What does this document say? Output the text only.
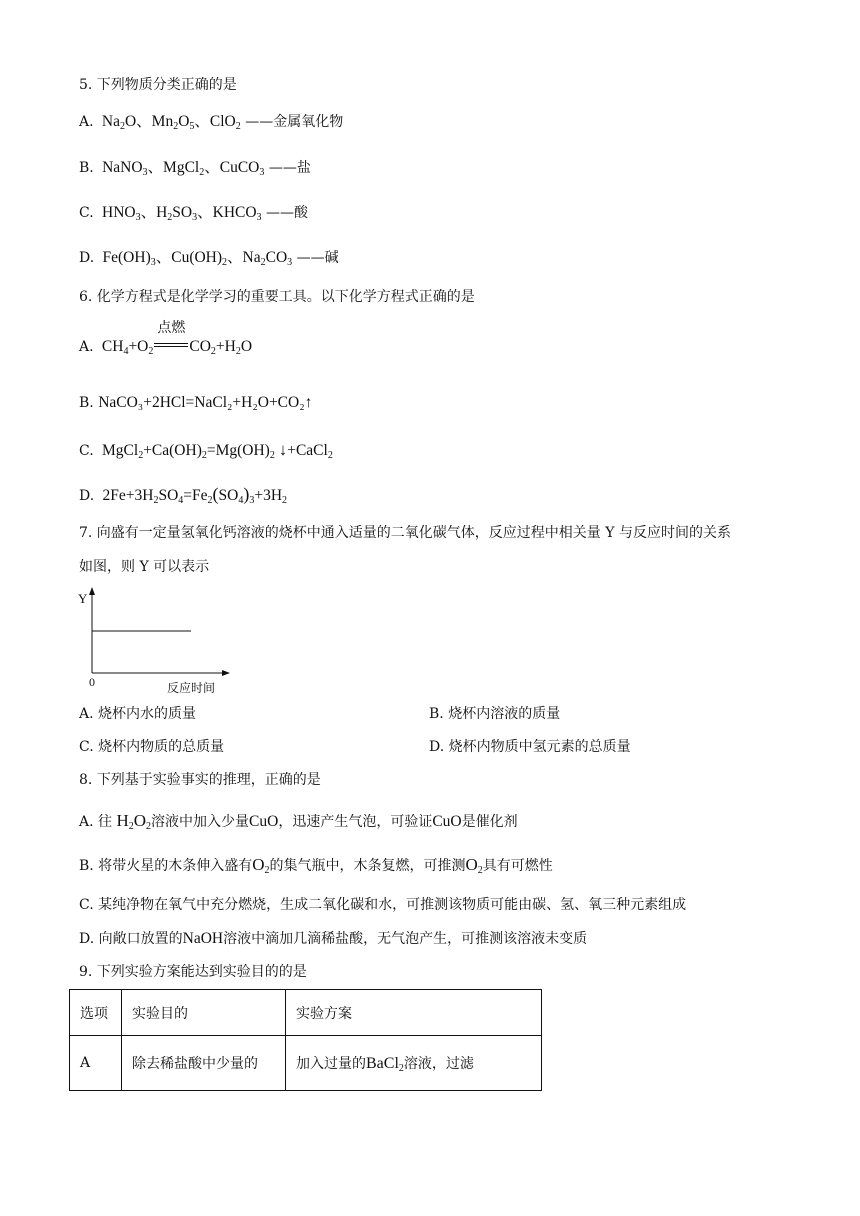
5. 下列物质分类正确的是
A.  $Na_2O$、$Mn_2O_5$、ClO$_2$ ——金属氧化物
B.  NaNO$_3$、MgCl$_2$、CuCO$_3$ ——盐
C.  $HNO_3$、$H_2SO_3$、$KHCO_3$ ——酸
D.  $Fe(OH)_3$、$Cu(OH)_2$、$Na_2CO_3$ ——碱
6. 化学方程式是化学学习的重要工具。以下化学方程式正确的是
A.  $CH_4+O_2$
点燃
$CO_2+H_2O$
B. NaCO₃+2HCl=NaCl₂+H₂O+CO₂↑
C.  $MgCl_2+Ca(OH)_2=Mg(OH)_2$ ↓+CaCl$_2$
D.  $2Fe+3H_2SO_4=Fe_2(SO_4)_3+3H_2$
7. 向盛有一定量氢氧化钙溶液的烧杯中通入适量的二氧化碳气体，反应过程中相关量 Y 与反应时间的关系
如图，则 Y 可以表示
Y
0	反应时间
A. 烧杯内水的质量	B. 烧杯内溶液的质量
C. 烧杯内物质的总质量	D. 烧杯内物质中氢元素的总质量
8. 下列基于实验事实的推理，正确的是
A. 往 $H_2O_2$溶液中加入少量CuO，迅速产生气泡，可验证CuO是催化剂
B. 将带火星的木条伸入盛有$O_2$的集气瓶中，木条复燃，可推测$O_2$具有可燃性
C. 某纯净物在氧气中充分燃烧，生成二氧化碳和水，可推测该物质可能由碳、氢、氧三种元素组成
D. 向敞口放置的NaOH溶液中滴加几滴稀盐酸，无气泡产生，可推测该溶液未变质
9. 下列实验方案能达到实验目的的是
选项	实验目的	实验方案
A	除去稀盐酸中少量的	加入过量的BaCl$_2$溶液，过滤
